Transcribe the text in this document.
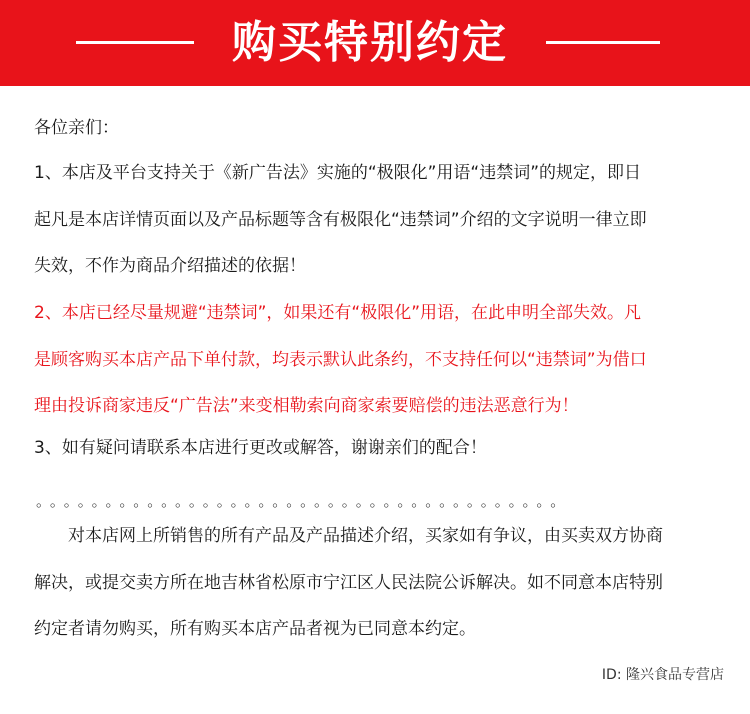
购买特别约定
各位亲们：
1、本店及平台支持关于《新广告法》实施的“极限化”用语“违禁词”的规定，即日
起凡是本店详情页面以及产品标题等含有极限化“违禁词”介绍的文字说明一律立即
失效，不作为商品介绍描述的依据！
2、本店已经尽量规避“违禁词”，如果还有“极限化”用语，在此申明全部失效。凡
是顾客购买本店产品下单付款，均表示默认此条约，不支持任何以“违禁词”为借口
理由投诉商家违反“广告法”来变相勒索向商家索要赔偿的违法恶意行为！
3、如有疑问请联系本店进行更改或解答，谢谢亲们的配合！
。。。。。。。。。。。。。。。。。。。。。。。。。。。。。。。。。。。。。。
对本店网上所销售的所有产品及产品描述介绍，买家如有争议，由买卖双方协商
解决，或提交卖方所在地吉林省松原市宁江区人民法院公诉解决。如不同意本店特别
约定者请勿购买，所有购买本店产品者视为已同意本约定。
ID: 隆兴食品专营店
